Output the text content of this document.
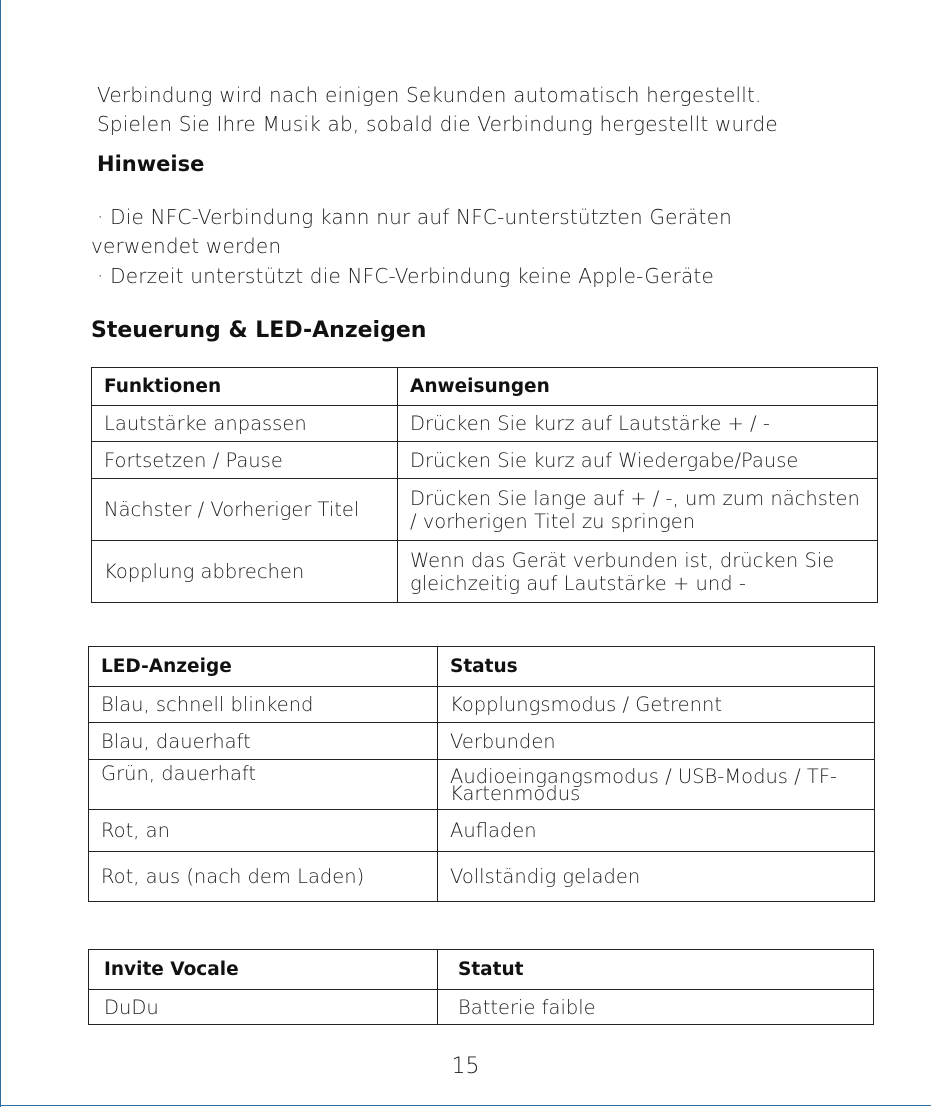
Verbindung wird nach einigen Sekunden automatisch hergestellt.
Spielen Sie Ihre Musik ab, sobald die Verbindung hergestellt wurde
Hinweise
· Die NFC-Verbindung kann nur auf NFC-unterstützten Geräten
verwendet werden
· Derzeit unterstützt die NFC-Verbindung keine Apple-Geräte
Steuerung & LED-Anzeigen
Funktionen	Anweisungen
Lautstärke anpassen	Drücken Sie kurz auf Lautstärke + / -
Fortsetzen / Pause	Drücken Sie kurz auf Wiedergabe/Pause
Nächster / Vorheriger Titel	Drücken Sie lange auf + / -, um zum nächsten / vorherigen Titel zu springen
Kopplung abbrechen	Wenn das Gerät verbunden ist, drücken Sie gleichzeitig auf Lautstärke + und -
LED-Anzeige	Status
Blau, schnell blinkend	Kopplungsmodus / Getrennt
Blau, dauerhaft	Verbunden
Grün, dauerhaft	Audioeingangsmodus / USB-Modus / TF-Kartenmodus
Rot, an	Aufladen
Rot, aus (nach dem Laden)	Vollständig geladen
Invite Vocale	Statut
DuDu	Batterie faible
15
